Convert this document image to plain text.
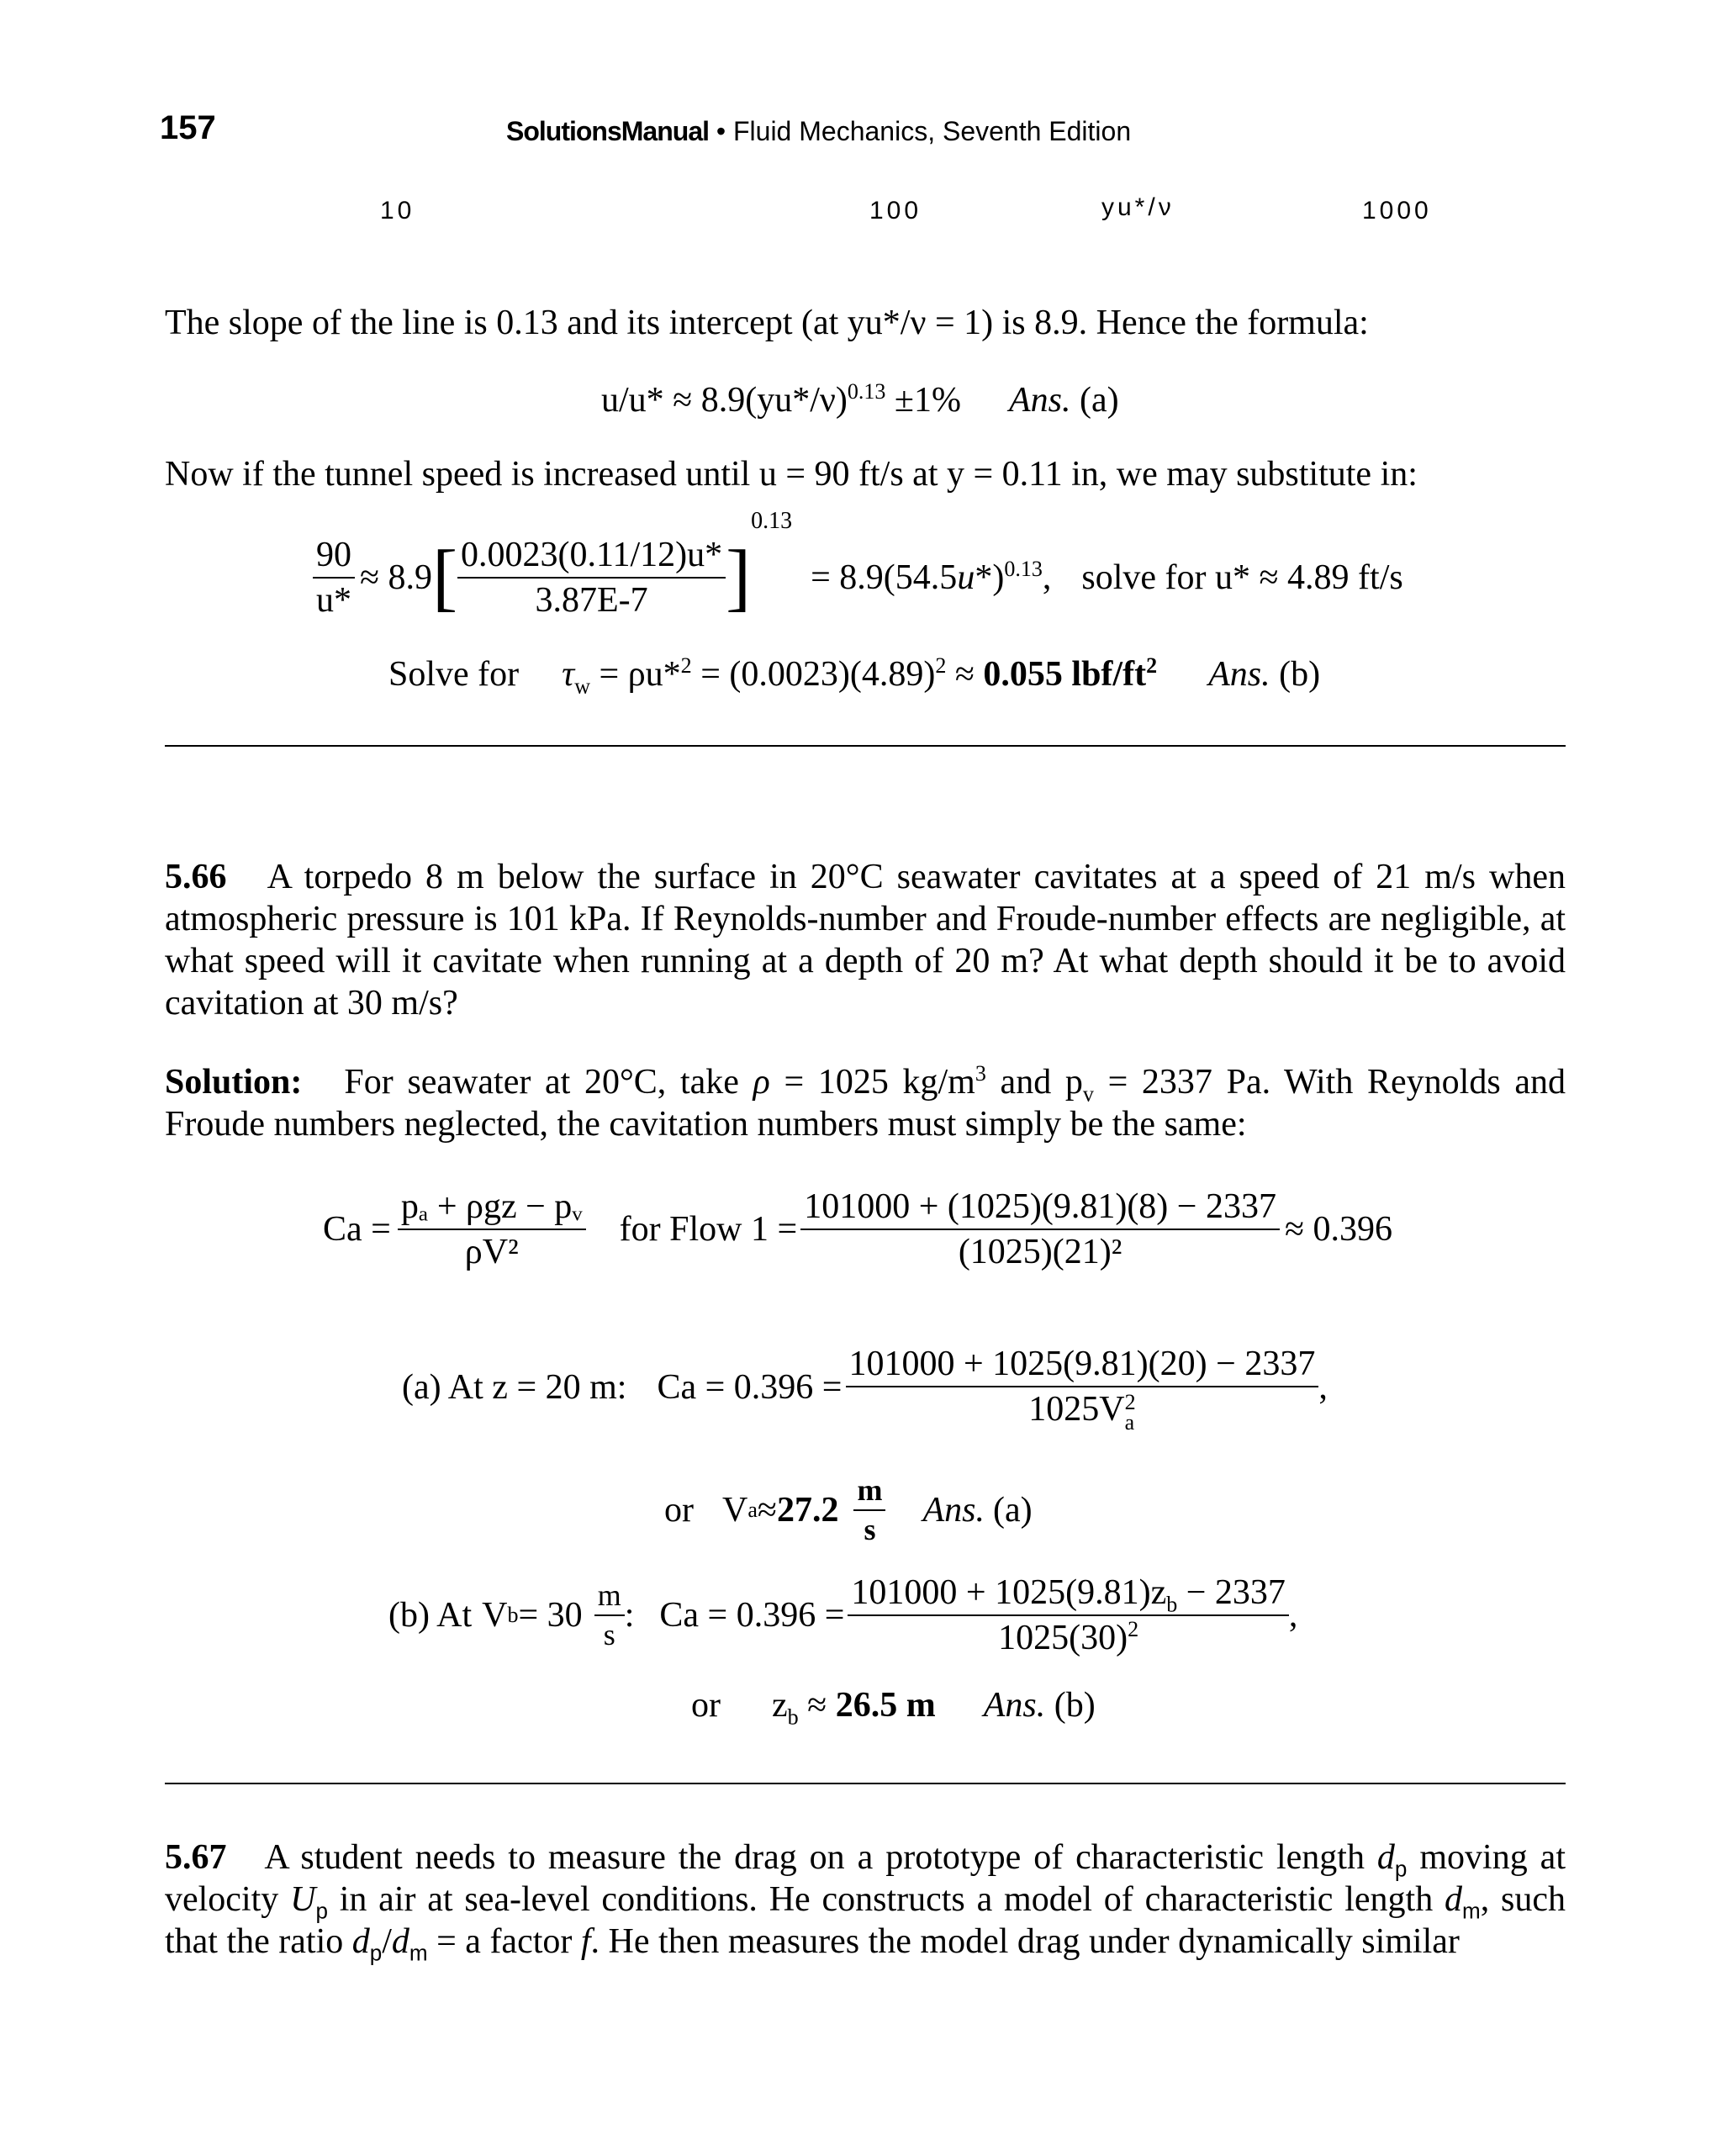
157	SolutionsManual • Fluid Mechanics, Seventh Edition
10	100	yu*/ν	1000
The slope of the line is 0.13 and its intercept (at yu*/ν = 1) is 8.9. Hence the formula:
$u/u* \approx 8.9(yu*/\nu)^{0.13} \pm 1\%$ Ans. (a)
Now if the tunnel speed is increased until u = 90 ft/s at y = 0.11 in, we may substitute in:
$\frac{90}{u*} \approx 8.9$ [ $\frac{0.0023(0.11/12)u*}{3.87E-7}$ ]
0.13
= $8.9(54.5u*)^{0.13}$, solve for u* ≈ 4.89 ft/s
Solve for $\tau_w = \rho u*^2 = (0.0023)(4.89)^2 \approx 0.055$ lbf/$ft^2$ Ans. (b)
5.66 A torpedo 8 m below the surface in 20°C seawater cavitates at a speed of 21 m/s when atmospheric pressure is 101 kPa. If Reynolds-number and Froude-number effects are negligible, at what speed will it cavitate when running at a depth of 20 m? At what depth should it be to avoid cavitation at 30 m/s?
Solution: For seawater at 20°C, take ρ = 1025 $kg/m^3$ and $p_v = 2337$ Pa. With Reynolds and Froude numbers neglected, the cavitation numbers must simply be the same:
$Ca = \frac{\text{pₐ + ρgz − pᵥ}}{\text{ρV²}}$ for Flow $1 = \frac{101000 + (1025)(9.81)(8) - 2337}{\text{(1025)(21)²}} \approx 0.396$
(a) At z = 20 m: Ca = 0.396 = 101000 + 1025(9.81)(20) − 2337
1025V 2
a ,
or V $a \approx 27.2 \frac{m}{s}$ Ans. (a)
(b) At V $b = 30 \frac{m}{s}$ : $Ca = 0.396 = \frac{101000 + 1025(9.81)z_b - 2337}{1025(30)^2}$ ,
or $z_b \approx 26.5$ m Ans. (b)
5.67 A student needs to measure the drag on a prototype of characteristic length $d_p$ moving at velocity $U_p$ in air at sea-level conditions. He constructs a model of characteristic length $d_m$, such that the ratio $d_p/d_m = a$ factor f. He then measures the model drag under dynamically similar
